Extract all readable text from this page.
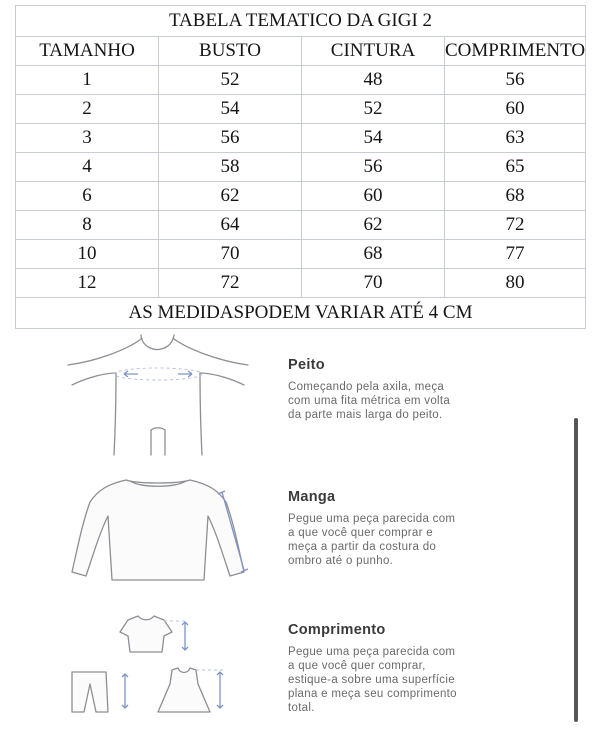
TABELA TEMATICO DA GIGI 2			
TAMANHO	BUSTO	CINTURA	COMPRIMENTO
1	52	48	56
2	54	52	60
3	56	54	63
4	58	56	65
6	62	60	68
8	64	62	72
10	70	68	77
12	72	70	80
AS MEDIDASPODEM VARIAR ATÉ 4 CM			

Peito

Começando pela axila, meça

com uma fita métrica em volta

da parte mais larga do peito.

Manga

Pegue uma peça parecida com

a que você quer comprar e

meça a partir da costura do

ombro até o punho.

Comprimento

Pegue uma peça parecida com

a que você quer comprar,

estique-a sobre uma superfície

plana e meça seu comprimento

total.
